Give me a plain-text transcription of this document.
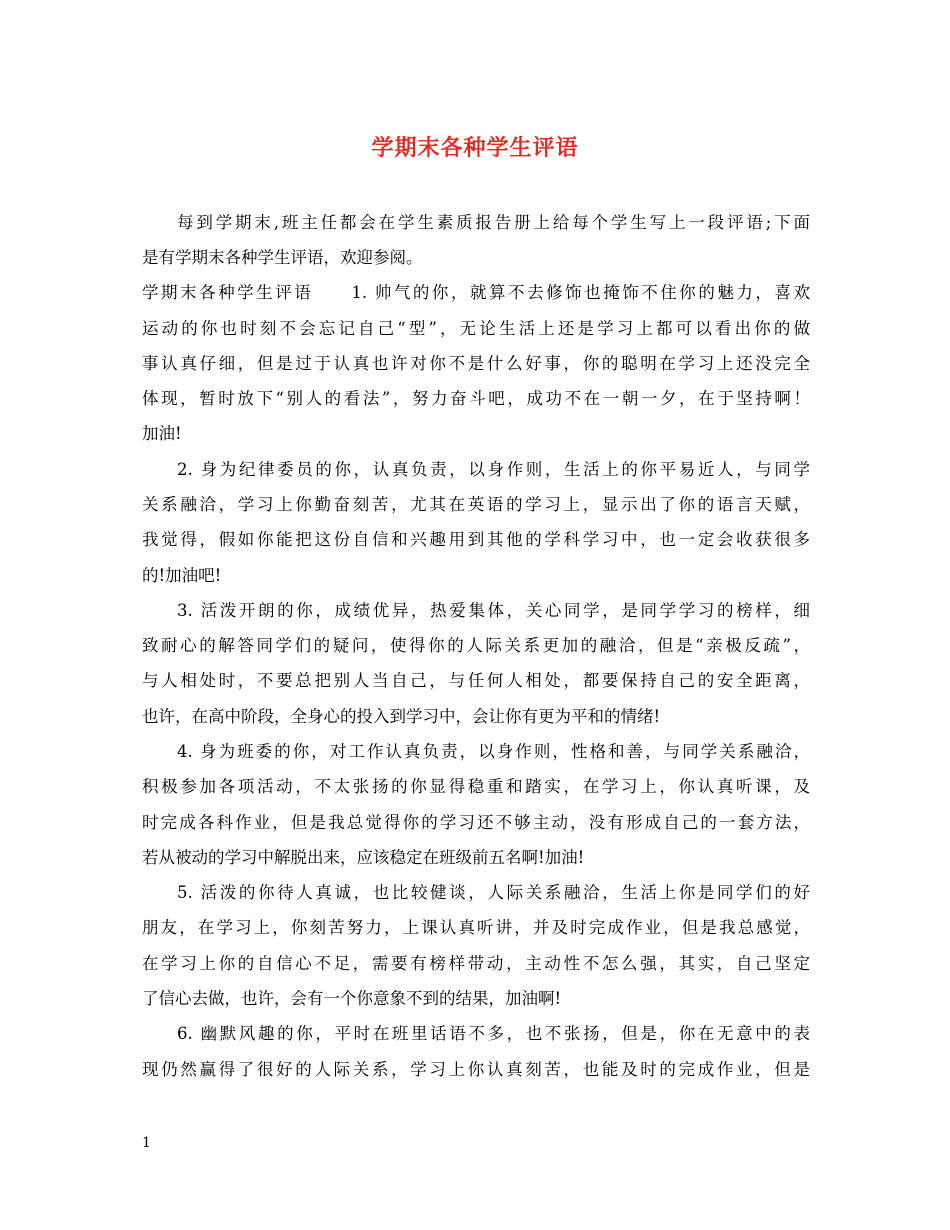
学期末各种学生评语
每到学期末,班主任都会在学生素质报告册上给每个学生写上一段评语;下面
是有学期末各种学生评语，欢迎参阅。
学期末各种学生评语　　1. 帅气的你，就算不去修饰也掩饰不住你的魅力，喜欢
运动的你也时刻不会忘记自己“型”，无论生活上还是学习上都可以看出你的做
事认真仔细，但是过于认真也许对你不是什么好事，你的聪明在学习上还没完全
体现，暂时放下“别人的看法”，努力奋斗吧，成功不在一朝一夕，在于坚持啊！
加油!
2. 身为纪律委员的你，认真负责，以身作则，生活上的你平易近人，与同学
关系融洽，学习上你勤奋刻苦，尤其在英语的学习上，显示出了你的语言天赋，
我觉得，假如你能把这份自信和兴趣用到其他的学科学习中，也一定会收获很多
的!加油吧!
3. 活泼开朗的你，成绩优异，热爱集体，关心同学，是同学学习的榜样，细
致耐心的解答同学们的疑问，使得你的人际关系更加的融洽，但是“亲极反疏”，
与人相处时，不要总把别人当自己，与任何人相处，都要保持自己的安全距离，
也许，在高中阶段，全身心的投入到学习中，会让你有更为平和的情绪!
4. 身为班委的你，对工作认真负责，以身作则，性格和善，与同学关系融洽，
积极参加各项活动，不太张扬的你显得稳重和踏实，在学习上，你认真听课，及
时完成各科作业，但是我总觉得你的学习还不够主动，没有形成自己的一套方法，
若从被动的学习中解脱出来，应该稳定在班级前五名啊!加油!
5. 活泼的你待人真诚，也比较健谈，人际关系融洽，生活上你是同学们的好
朋友，在学习上，你刻苦努力，上课认真听讲，并及时完成作业，但是我总感觉，
在学习上你的自信心不足，需要有榜样带动，主动性不怎么强，其实，自己坚定
了信心去做，也许，会有一个你意象不到的结果，加油啊!
6. 幽默风趣的你，平时在班里话语不多，也不张扬，但是，你在无意中的表
现仍然赢得了很好的人际关系，学习上你认真刻苦，也能及时的完成作业，但是
1
